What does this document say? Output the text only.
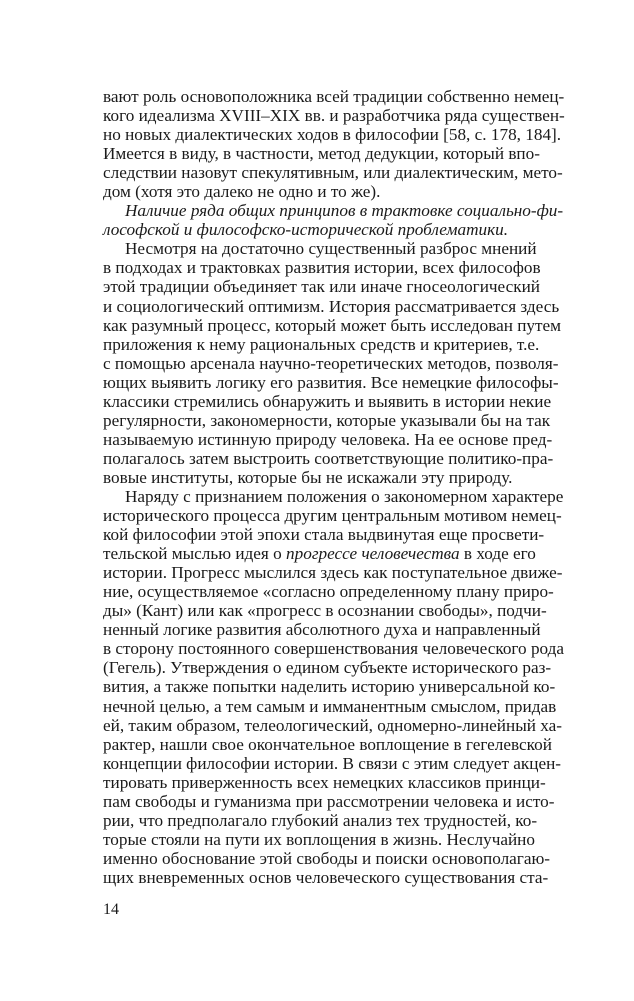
вают роль основоположника всей традиции собственно немец-
кого идеализма XVIII–XIX вв. и разработчика ряда существен-
но новых диалектических ходов в философии [58, с. 178, 184].
Имеется в виду, в частности, метод дедукции, который впо-
следствии назовут спекулятивным, или диалектическим, мето-
дом (хотя это далеко не одно и то же).
Наличие ряда общих принципов в трактовке социально-фи-
лософской и философско-исторической проблематики.
Несмотря на достаточно существенный разброс мнений
в подходах и трактовках развития истории, всех философов
этой традиции объединяет так или иначе гносеологический
и социологический оптимизм. История рассматривается здесь
как разумный процесс, который может быть исследован путем
приложения к нему рациональных средств и критериев, т.е.
с помощью арсенала научно-теоретических методов, позволя-
ющих выявить логику его развития. Все немецкие философы-
классики стремились обнаружить и выявить в истории некие
регулярности, закономерности, которые указывали бы на так
называемую истинную природу человека. На ее основе пред-
полагалось затем выстроить соответствующие политико-пра-
вовые институты, которые бы не искажали эту природу.
Наряду с признанием положения о закономерном характере
исторического процесса другим центральным мотивом немец-
кой философии этой эпохи стала выдвинутая еще просвети-
тельской мыслью идея о прогрессе человечества в ходе его
истории. Прогресс мыслился здесь как поступательное движе-
ние, осуществляемое «согласно определенному плану приро-
ды» (Кант) или как «прогресс в осознании свободы», подчи-
ненный логике развития абсолютного духа и направленный
в сторону постоянного совершенствования человеческого рода
(Гегель). Утверждения о едином субъекте исторического раз-
вития, а также попытки наделить историю универсальной ко-
нечной целью, а тем самым и имманентным смыслом, придав
ей, таким образом, телеологический, одномерно-линейный ха-
рактер, нашли свое окончательное воплощение в гегелевской
концепции философии истории. В связи с этим следует акцен-
тировать приверженность всех немецких классиков принци-
пам свободы и гуманизма при рассмотрении человека и исто-
рии, что предполагало глубокий анализ тех трудностей, ко-
торые стояли на пути их воплощения в жизнь. Неслучайно
именно обоснование этой свободы и поиски основополагаю-
щих вневременных основ человеческого существования ста-
14
